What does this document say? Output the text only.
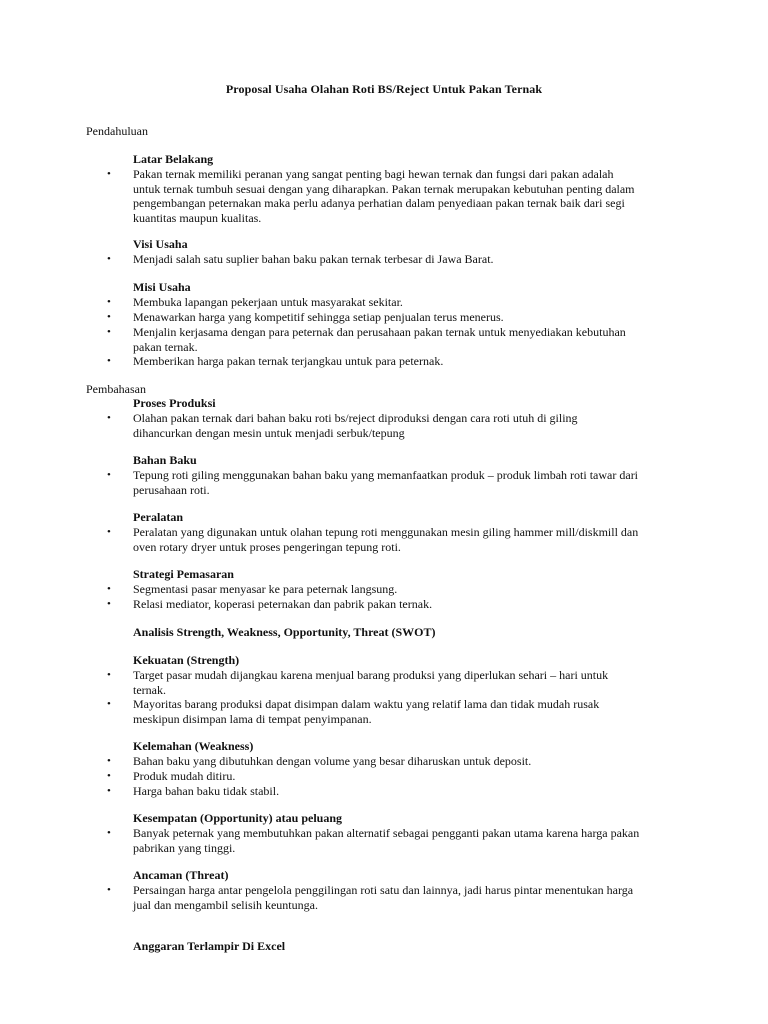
Proposal Usaha Olahan Roti BS/Reject Untuk Pakan Ternak
Pendahuluan
Latar Belakang
• Pakan ternak memiliki peranan yang sangat penting bagi hewan ternak dan fungsi dari pakan adalah
untuk ternak tumbuh sesuai dengan yang diharapkan. Pakan ternak merupakan kebutuhan penting dalam
pengembangan peternakan maka perlu adanya perhatian dalam penyediaan pakan ternak baik dari segi
kuantitas maupun kualitas.
Visi Usaha
• Menjadi salah satu suplier bahan baku pakan ternak terbesar di Jawa Barat.
Misi Usaha
• Membuka lapangan pekerjaan untuk masyarakat sekitar.
• Menawarkan harga yang kompetitif sehingga setiap penjualan terus menerus.
• Menjalin kerjasama dengan para peternak dan perusahaan pakan ternak untuk menyediakan kebutuhan
pakan ternak.
• Memberikan harga pakan ternak terjangkau untuk para peternak.
Pembahasan
Proses Produksi
• Olahan pakan ternak dari bahan baku roti bs/reject diproduksi dengan cara roti utuh di giling
dihancurkan dengan mesin untuk menjadi serbuk/tepung
Bahan Baku
• Tepung roti giling menggunakan bahan baku yang memanfaatkan produk – produk limbah roti tawar dari
perusahaan roti.
Peralatan
• Peralatan yang digunakan untuk olahan tepung roti menggunakan mesin giling hammer mill/diskmill dan
oven rotary dryer untuk proses pengeringan tepung roti.
Strategi Pemasaran
• Segmentasi pasar menyasar ke para peternak langsung.
• Relasi mediator, koperasi peternakan dan pabrik pakan ternak.
Analisis Strength, Weakness, Opportunity, Threat (SWOT)
Kekuatan (Strength)
• Target pasar mudah dijangkau karena menjual barang produksi yang diperlukan sehari – hari untuk
ternak.
• Mayoritas barang produksi dapat disimpan dalam waktu yang relatif lama dan tidak mudah rusak
meskipun disimpan lama di tempat penyimpanan.
Kelemahan (Weakness)
• Bahan baku yang dibutuhkan dengan volume yang besar diharuskan untuk deposit.
• Produk mudah ditiru.
• Harga bahan baku tidak stabil.
Kesempatan (Opportunity) atau peluang
• Banyak peternak yang membutuhkan pakan alternatif sebagai pengganti pakan utama karena harga pakan
pabrikan yang tinggi.
Ancaman (Threat)
• Persaingan harga antar pengelola penggilingan roti satu dan lainnya, jadi harus pintar menentukan harga
jual dan mengambil selisih keuntunga.
Anggaran Terlampir Di Excel
